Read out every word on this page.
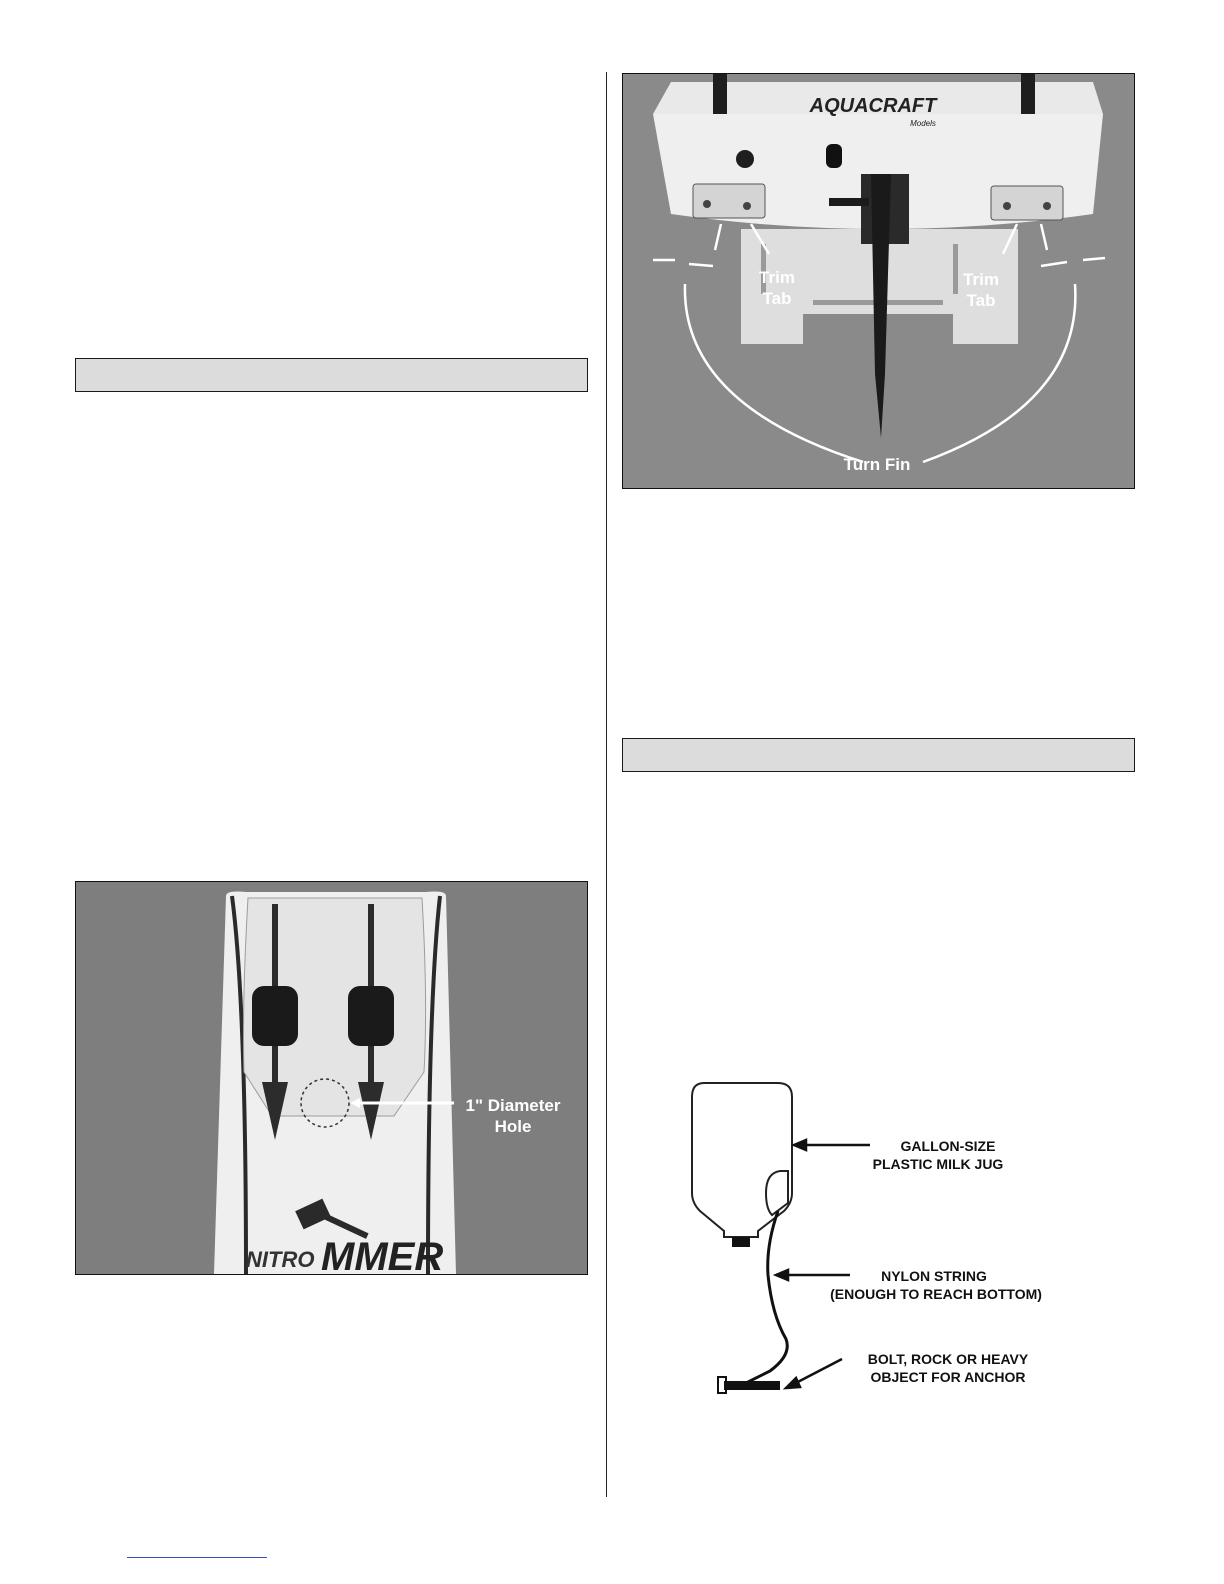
AQUACRAFT
Models
Trim
Tab
Trim
Tab
Turn Fin
NITRO MMER
1" Diameter
Hole
GALLON-SIZE
PLASTIC MILK JUG
NYLON STRING
(ENOUGH TO REACH BOTTOM)
BOLT, ROCK OR HEAVY
OBJECT FOR ANCHOR
